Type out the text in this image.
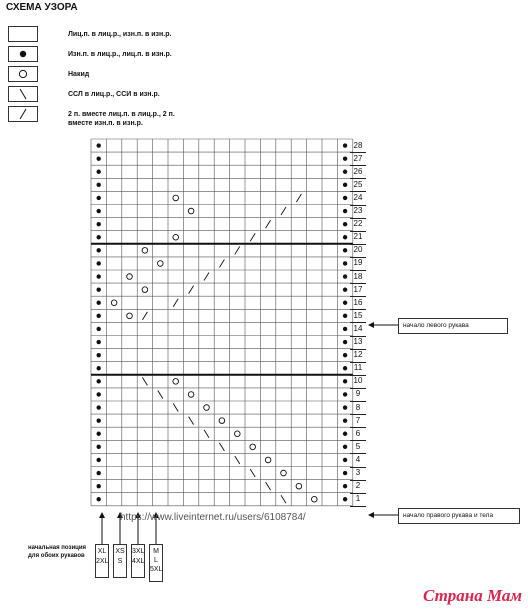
СХЕМА УЗОРА
Лиц.п. в лиц.р., изн.п. в изн.р.
Изн.п. в лиц.р., лиц.п. в изн.р.
Накид
ССЛ в лиц.р., ССИ в изн.р.
2 п. вместе лиц.п. в лиц.р., 2 п. вместе изн.п. в изн.р.
28
27
26
25
24
23
22
21
20
19
18
17
16
15
14
13
12
11
10
9
8
7
6
5
4
3
2
1
начало левого рукава
начало правого рукава и тела
начальная позиция для обоих рукавов
XL
2XL
XS
S
3XL
4XL
M
L
5XL
https://www.liveinternet.ru/users/6108784/
Страна Мам
